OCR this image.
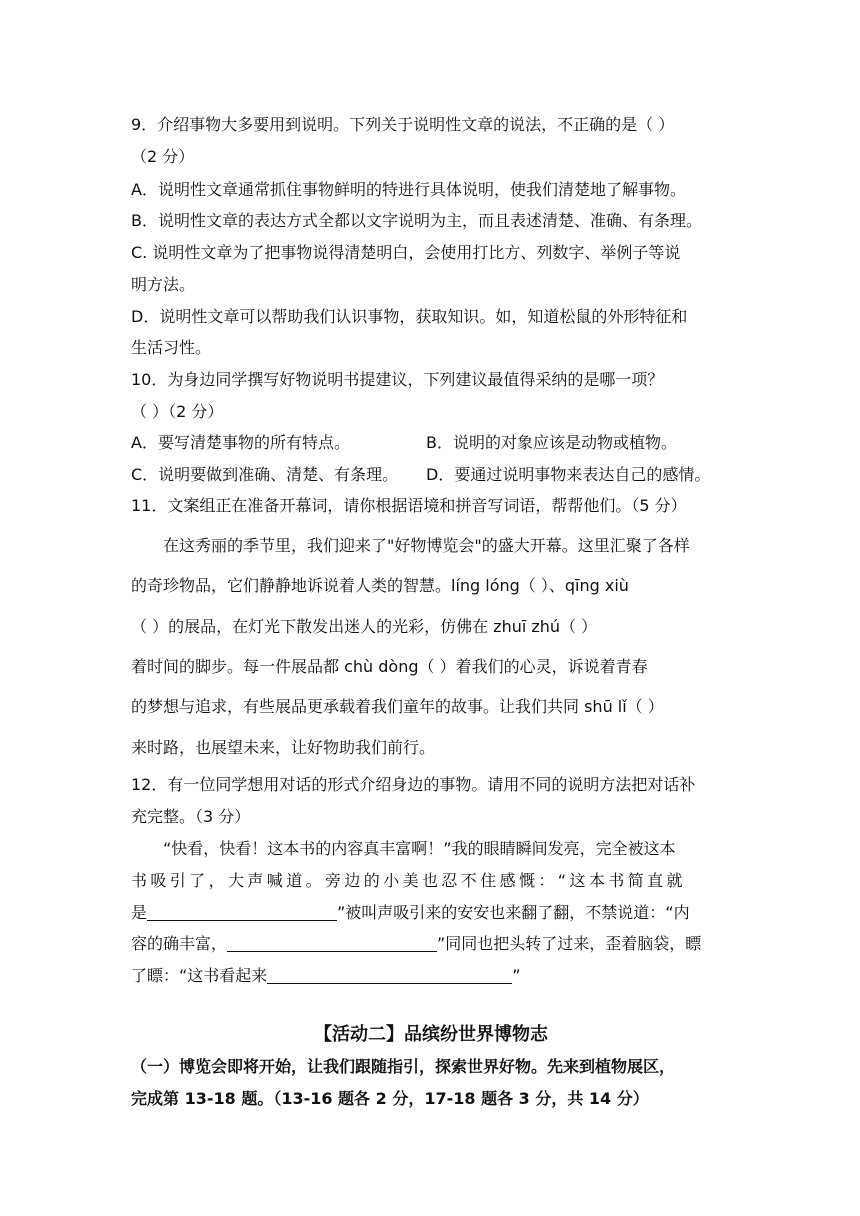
9．介绍事物大多要用到说明。下列关于说明性文章的说法，不正确的是（ ）
（2 分）
A．说明性文章通常抓住事物鲜明的特进行具体说明，使我们清楚地了解事物。
B．说明性文章的表达方式全都以文字说明为主，而且表述清楚、准确、有条理。
C. 说明性文章为了把事物说得清楚明白，会使用打比方、列数字、举例子等说
明方法。
D．说明性文章可以帮助我们认识事物，获取知识。如，知道松鼠的外形特征和
生活习性。
10．为身边同学撰写好物说明书提建议，下列建议最值得采纳的是哪一项？
（ ）（2 分）
A．要写清楚事物的所有特点。	B．说明的对象应该是动物或植物。
C．说明要做到准确、清楚、有条理。	D．要通过说明事物来表达自己的感情。
11．文案组正在准备开幕词，请你根据语境和拼音写词语，帮帮他们。（5 分）
在这秀丽的季节里，我们迎来了"好物博览会"的盛大开幕。这里汇聚了各样
的奇珍物品，它们静静地诉说着人类的智慧。líng lóng（ ）、qīng xiù
（ ）的展品，在灯光下散发出迷人的光彩，仿佛在 zhuī zhú（ ）
着时间的脚步。每一件展品都 chù dòng（ ）着我们的心灵，诉说着青春
的梦想与追求，有些展品更承载着我们童年的故事。让我们共同 shū lǐ（ ）
来时路，也展望未来，让好物助我们前行。
12．有一位同学想用对话的形式介绍身边的事物。请用不同的说明方法把对话补
充完整。（3 分）
“快看，快看！这本书的内容真丰富啊！”我的眼睛瞬间发亮，完全被这本
书吸引了，大声喊道。旁边的小美也忍不住感慨：“这本书简直就
是	”被叫声吸引来的安安也来翻了翻，不禁说道：“内
容的确丰富，	”同同也把头转了过来，歪着脑袋，瞟
了瞟：“这书看起来	”
【活动二】品缤纷世界博物志
（一）博览会即将开始，让我们跟随指引，探索世界好物。先来到植物展区，
完成第 13-18 题。（13-16 题各 2 分，17-18 题各 3 分，共 14 分）
